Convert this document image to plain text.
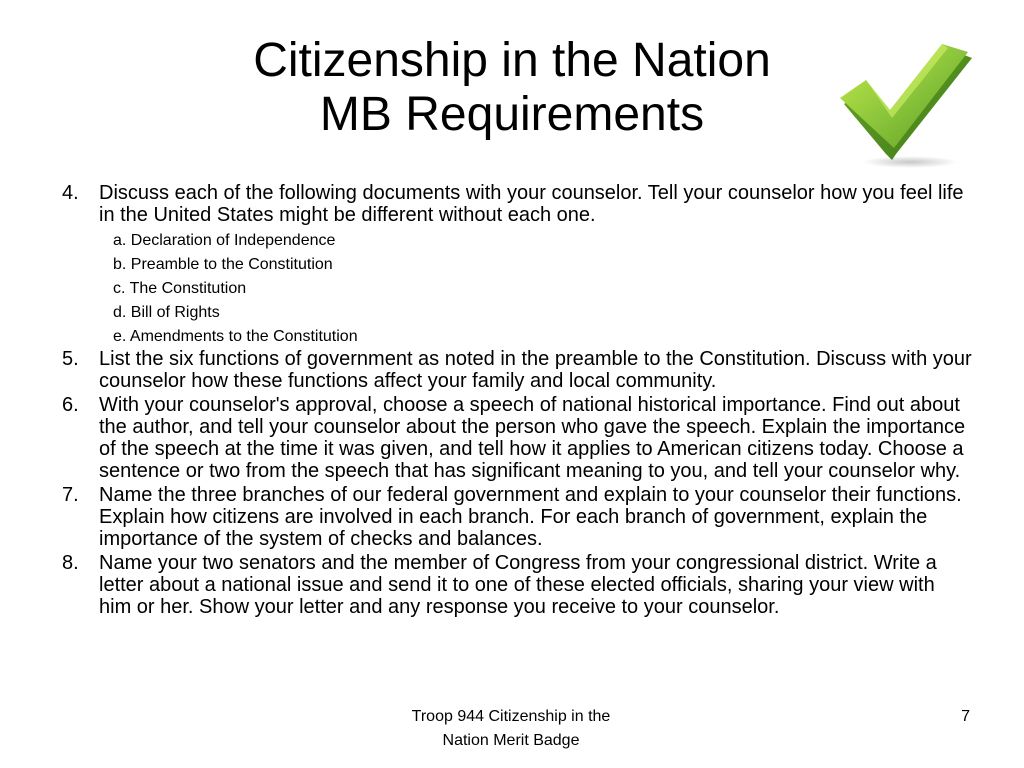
Citizenship in the Nation
MB Requirements
4.	Discuss each of the following documents with your counselor. Tell your counselor how you feel life in the United States might be different without each one.
a. Declaration of Independence
b. Preamble to the Constitution
c. The Constitution
d. Bill of Rights
e. Amendments to the Constitution
5.	List the six functions of government as noted in the preamble to the Constitution. Discuss with your counselor how these functions affect your family and local community.
6.	With your counselor's approval, choose a speech of national historical importance. Find out about the author, and tell your counselor about the person who gave the speech. Explain the importance of the speech at the time it was given, and tell how it applies to American citizens today. Choose a sentence or two from the speech that has significant meaning to you, and tell your counselor why.
7.	Name the three branches of our federal government and explain to your counselor their functions. Explain how citizens are involved in each branch. For each branch of government, explain the importance of the system of checks and balances.
8.	Name your two senators and the member of Congress from your congressional district. Write a letter about a national issue and send it to one of these elected officials, sharing your view with him or her. Show your letter and any response you receive to your counselor.
Troop 944 Citizenship in the
Nation Merit Badge
7
